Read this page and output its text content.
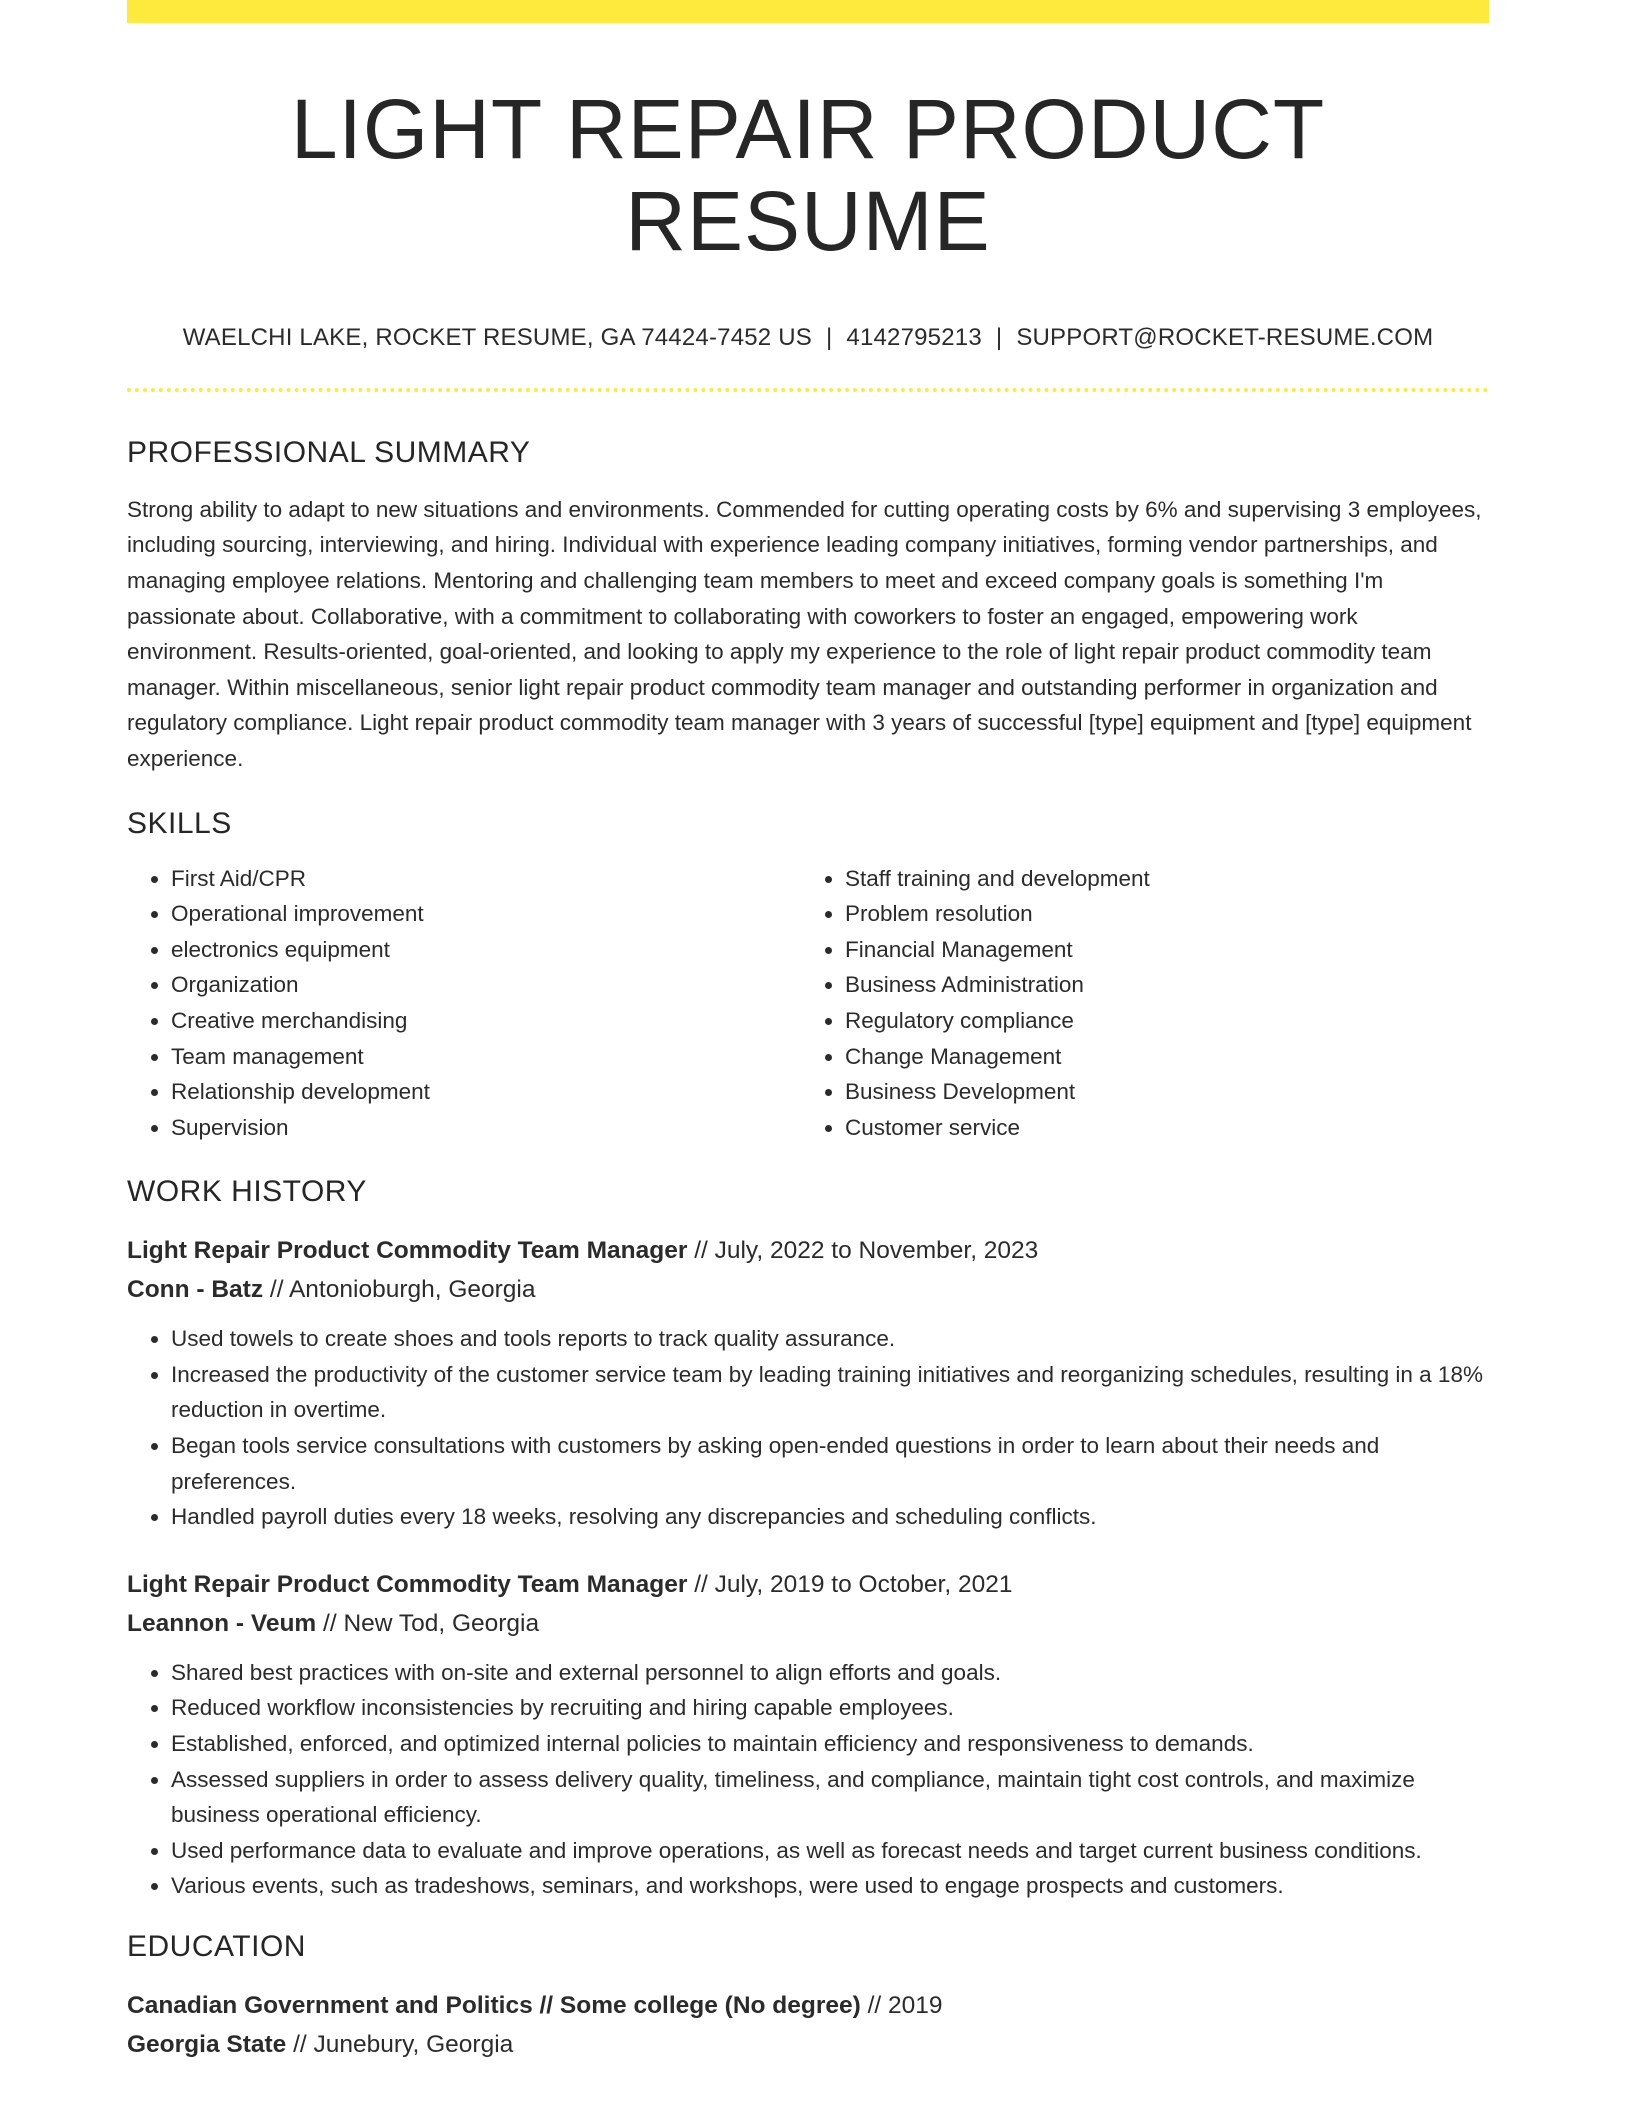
LIGHT REPAIR PRODUCT RESUME
WAELCHI LAKE, ROCKET RESUME, GA 74424-7452 US | 4142795213 | SUPPORT@ROCKET-RESUME.COM
PROFESSIONAL SUMMARY

Strong ability to adapt to new situations and environments. Commended for cutting operating costs by 6% and supervising 3 employees, including sourcing, interviewing, and hiring. Individual with experience leading company initiatives, forming vendor partnerships, and managing employee relations. Mentoring and challenging team members to meet and exceed company goals is something I'm passionate about. Collaborative, with a commitment to collaborating with coworkers to foster an engaged, empowering work environment. Results-oriented, goal-oriented, and looking to apply my experience to the role of light repair product commodity team manager. Within miscellaneous, senior light repair product commodity team manager and outstanding performer in organization and regulatory compliance. Light repair product commodity team manager with 3 years of successful [type] equipment and [type] equipment experience.

SKILLS
• First Aid/CPR
• Operational improvement
• electronics equipment
• Organization
• Creative merchandising
• Team management
• Relationship development
• Supervision
• Staff training and development
• Problem resolution
• Financial Management
• Business Administration
• Regulatory compliance
• Change Management
• Business Development
• Customer service
WORK HISTORY
Light Repair Product Commodity Team Manager // July, 2022 to November, 2023
Conn - Batz // Antonioburgh, Georgia
• Used towels to create shoes and tools reports to track quality assurance.
• Increased the productivity of the customer service team by leading training initiatives and reorganizing schedules, resulting in a 18% reduction in overtime.
• Began tools service consultations with customers by asking open-ended questions in order to learn about their needs and preferences.
• Handled payroll duties every 18 weeks, resolving any discrepancies and scheduling conflicts.
Light Repair Product Commodity Team Manager // July, 2019 to October, 2021
Leannon - Veum // New Tod, Georgia
• Shared best practices with on-site and external personnel to align efforts and goals.
• Reduced workflow inconsistencies by recruiting and hiring capable employees.
• Established, enforced, and optimized internal policies to maintain efficiency and responsiveness to demands.
• Assessed suppliers in order to assess delivery quality, timeliness, and compliance, maintain tight cost controls, and maximize business operational efficiency.
• Used performance data to evaluate and improve operations, as well as forecast needs and target current business conditions.
• Various events, such as tradeshows, seminars, and workshops, were used to engage prospects and customers.
EDUCATION
Canadian Government and Politics // Some college (No degree) // 2019
Georgia State // Junebury, Georgia
